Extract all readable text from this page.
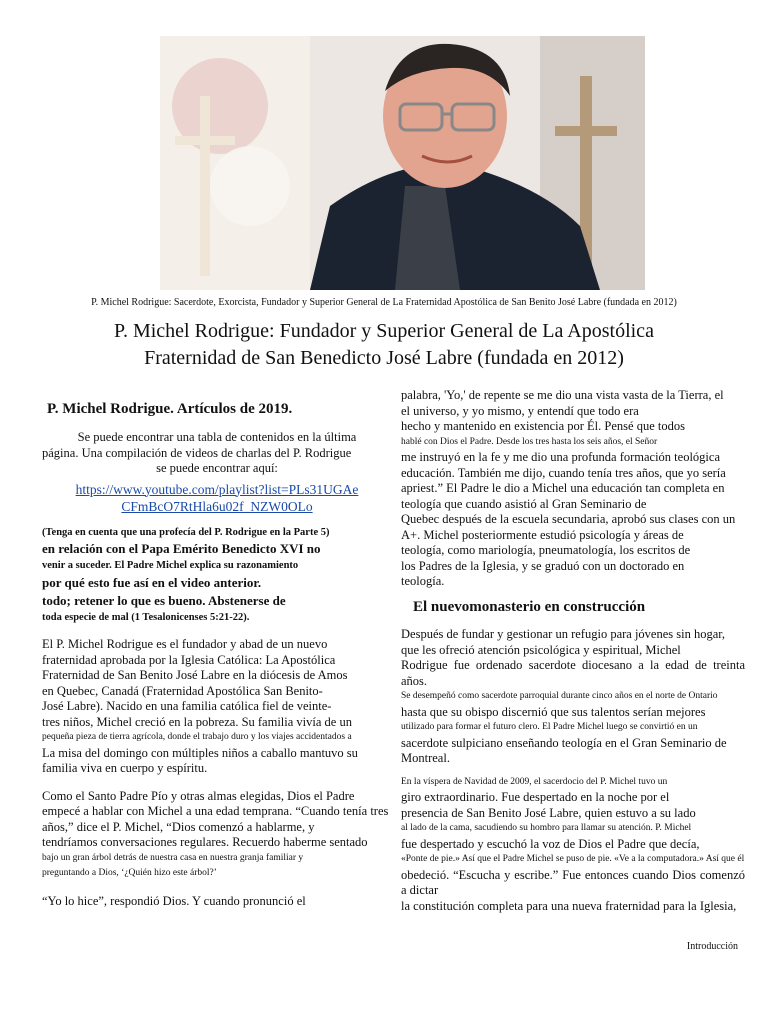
P. Michel Rodrigue: Sacerdote, Exorcista, Fundador y Superior General de La Fraternidad Apostólica de San Benito José Labre (fundada en 2012)
P. Michel Rodrigue: Fundador y Superior General de La Apostólica
Fraternidad de San Benedicto José Labre (fundada en 2012)
P. Michel Rodrigue. Artículos de 2019.

Se puede encontrar una tabla de contenidos en la última

página. Una compilación de videos de charlas del P. Rodrigue

se puede encontrar aquí:

https://www.youtube.com/playlist?list=PLs31UGAe
CFmBcO7RtHla6u02f_NZW0OLo

(Tenga en cuenta que una profecía del P. Rodrigue en la Parte 5)

en relación con el Papa Emérito Benedicto XVI no

venir a suceder. El Padre Michel explica su razonamiento

por qué esto fue así en el video anterior.

todo; retener lo que es bueno. Abstenerse de

toda especie de mal (1 Tesalonicenses 5:21-22).

El P. Michel Rodrigue es el fundador y abad de un nuevo

fraternidad aprobada por la Iglesia Católica: La Apostólica

Fraternidad de San Benito José Labre en la diócesis de Amos

en Quebec, Canadá (Fraternidad Apostólica San Benito-

José Labre). Nacido en una familia católica fiel de veinte-

tres niños, Michel creció en la pobreza. Su familia vivía de un

pequeña pieza de tierra agrícola, donde el trabajo duro y los viajes accidentados a

La misa del domingo con múltiples niños a caballo mantuvo su

familia viva en cuerpo y espíritu.

Como el Santo Padre Pío y otras almas elegidas, Dios el Padre

empecé a hablar con Michel a una edad temprana. “Cuando tenía tres

años,” dice el P. Michel, “Dios comenzó a hablarme, y

tendríamos conversaciones regulares. Recuerdo haberme sentado

bajo un gran árbol detrás de nuestra casa en nuestra granja familiar y

preguntando a Dios, ‘¿Quién hizo este árbol?’

“Yo lo hice”, respondió Dios. Y cuando pronunció el

palabra, 'Yo,' de repente se me dio una vista vasta de la Tierra, el

el universo, y yo mismo, y entendí que todo era

hecho y mantenido en existencia por Él. Pensé que todos

hablé con Dios el Padre. Desde los tres hasta los seis años, el Señor

me instruyó en la fe y me dio una profunda formación teológica

educación. También me dijo, cuando tenía tres años, que yo sería

apriest.” El Padre le dio a Michel una educación tan completa en

teología que cuando asistió al Gran Seminario de

Quebec después de la escuela secundaria, aprobó sus clases con un

A+. Michel posteriormente estudió psicología y áreas de

teología, como mariología, pneumatología, los escritos de

los Padres de la Iglesia, y se graduó con un doctorado en

teología.

El nuevomonasterio en construcción

Después de fundar y gestionar un refugio para jóvenes sin hogar,

que les ofreció atención psicológica y espiritual, Michel

Rodrigue fue ordenado sacerdote diocesano a la edad de treinta años.

Se desempeñó como sacerdote parroquial durante cinco años en el norte de Ontario

hasta que su obispo discernió que sus talentos serían mejores

utilizado para formar el futuro clero. El Padre Michel luego se convirtió en un

sacerdote sulpiciano enseñando teología en el Gran Seminario de

Montreal.

En la víspera de Navidad de 2009, el sacerdocio del P. Michel tuvo un

giro extraordinario. Fue despertado en la noche por el

presencia de San Benito José Labre, quien estuvo a su lado

al lado de la cama, sacudiendo su hombro para llamar su atención. P. Michel

fue despertado y escuchó la voz de Dios el Padre que decía,

«Ponte de pie.» Así que el Padre Michel se puso de pie. «Ve a la computadora.» Así que él

obedeció. “Escucha y escribe.” Fue entonces cuando Dios comenzó a dictar

la constitución completa para una nueva fraternidad para la Iglesia,

Introducción
